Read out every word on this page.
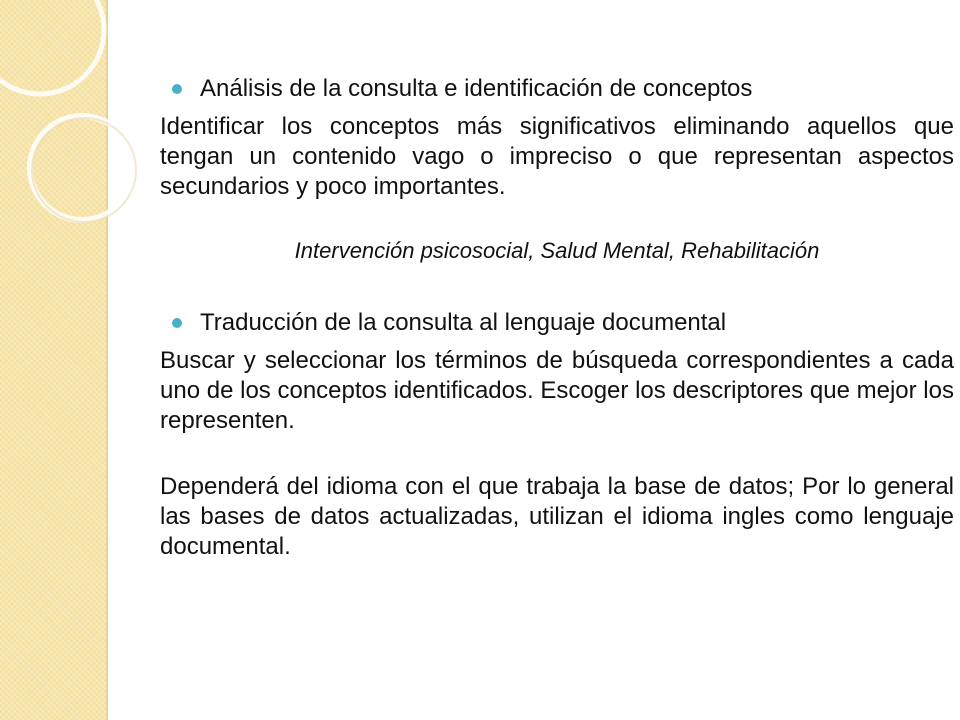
Análisis de la consulta e identificación de conceptos

Identificar los conceptos más significativos eliminando aquellos que tengan un contenido vago o impreciso o que representan aspectos secundarios y poco importantes.

Intervención psicosocial, Salud Mental, Rehabilitación

Traducción de la consulta al lenguaje documental

Buscar y seleccionar los términos de búsqueda correspondientes a cada uno de los conceptos identificados. Escoger los descriptores que mejor los representen.

Dependerá del idioma con el que trabaja la base de datos; Por lo general las bases de datos actualizadas, utilizan el idioma ingles como lenguaje documental.
